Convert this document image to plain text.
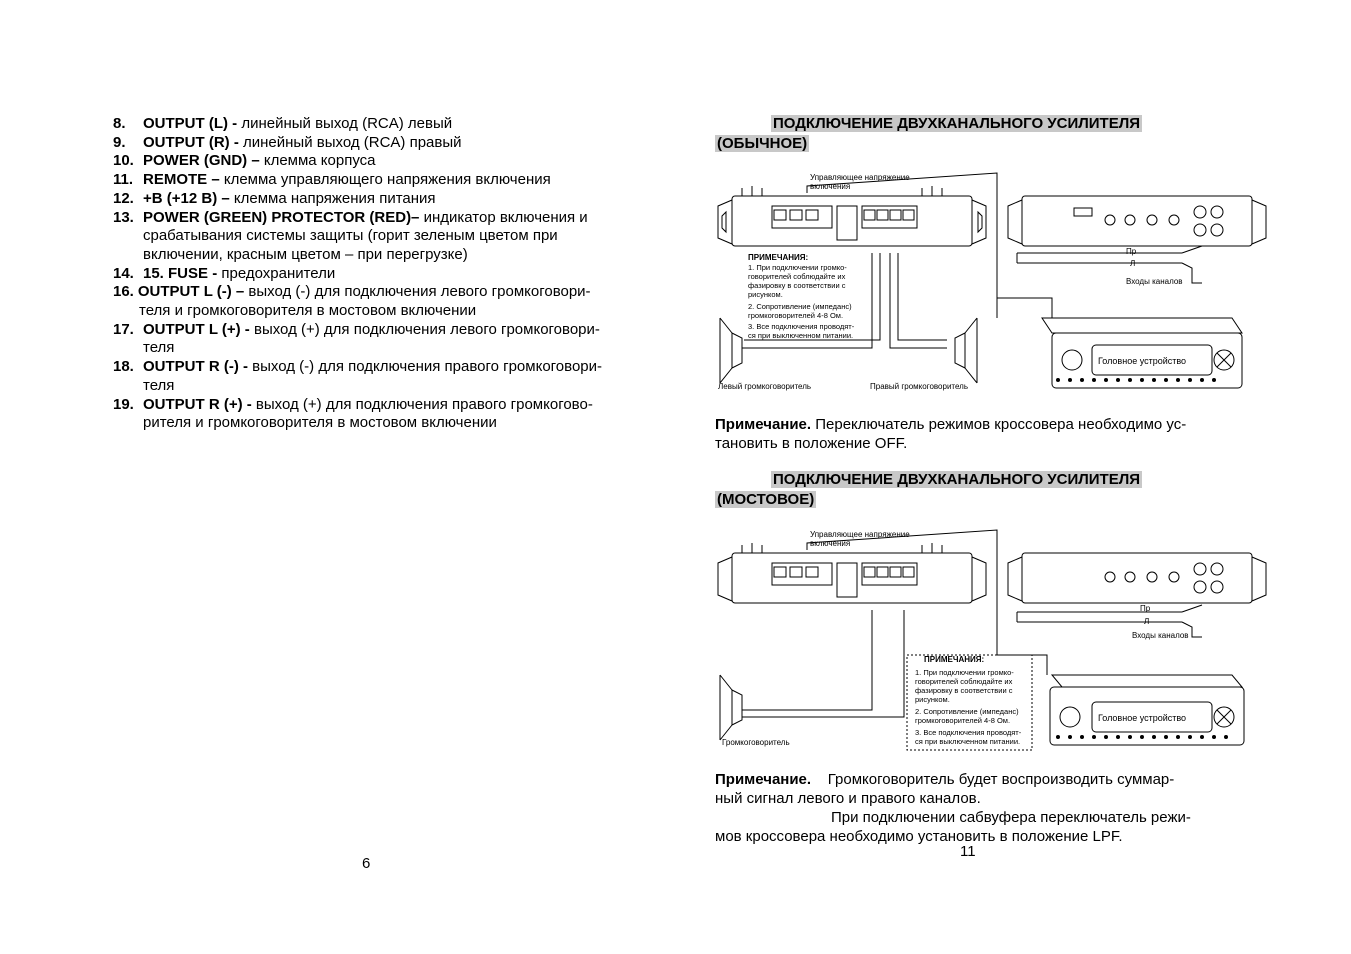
8.	OUTPUT (L) - линейный выход (RCA) левый
9.	OUTPUT (R) - линейный выход (RCA) правый
10. POWER (GND) – клемма корпуса
11. REMOTE – клемма управляющего напряжения включения
12. +B (+12 В) – клемма напряжения питания
13. POWER (GREEN) PROTECTOR (RED)– индикатор включения и
срабатывания системы защиты (горит зеленым цветом при
включении, красным цветом – при перегрузке)
14. 15. FUSE - предохранители
16. OUTPUT L (-) – выход (-) для подключения левого громкоговори-
теля и громкоговорителя в мостовом включении
17. OUTPUT L (+) - выход (+) для подключения левого громкоговори-
теля
18. OUTPUT R (-) - выход (-) для подключения правого громкоговори-
теля
19. OUTPUT R (+) - выход (+) для подключения правого громкогово-
рителя и громкоговорителя в мостовом включении
6
ПОДКЛЮЧЕНИЕ ДВУХКАНАЛЬНОГО УСИЛИТЕЛЯ
(ОБЫЧНОЕ)
Управляющее напряжение
включения
ПРИМЕЧАНИЯ:
1. При подключении громко-
говорителей соблюдайте их
фазировку в соответствии с
рисунком.
2. Сопротивление (импеданс)
громкоговорителей 4-8 Ом.
3. Все подключения проводят-
ся при выключенном питании.
Левый громкоговоритель	Правый громкоговоритель
Пр
Л
Входы каналов
Головное устройство
Примечание. Переключатель режимов кроссовера необходимо ус-
тановить в положение OFF.
ПОДКЛЮЧЕНИЕ ДВУХКАНАЛЬНОГО УСИЛИТЕЛЯ
(МОСТОВОЕ)
Управляющее напряжение
включения
ПРИМЕЧАНИЯ:
1. При подключении громко-
говорителей соблюдайте их
фазировку в соответствии с
рисунком.
2. Сопротивление (импеданс)
громкоговорителей 4-8 Ом.
3. Все подключения проводят-
ся при выключенном питании.
Громкоговоритель
Пр
Л
Входы каналов
Головное устройство
Примечание.    Громкоговоритель будет воспроизводить суммар-
ный сигнал левого и правого каналов.
При подключении сабвуфера переключатель режи-
мов кроссовера необходимо установить в положение LPF.
11
